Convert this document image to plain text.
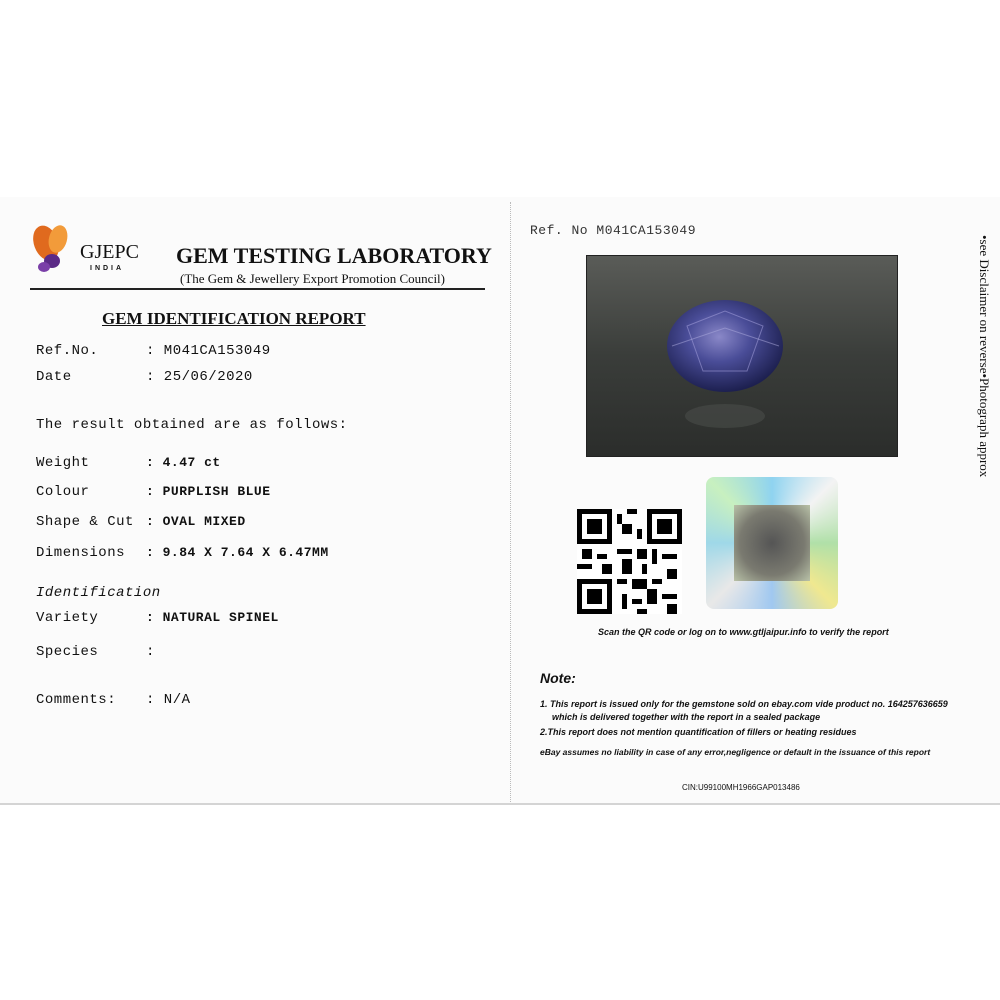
GJEPC
INDIA
GEM TESTING LABORATORY
(The Gem & Jewellery Export Promotion Council)
GEM IDENTIFICATION REPORT
Ref.No.	: M041CA153049
Date	: 25/06/2020
The result obtained are as follows:
Weight	: 4.47 ct
Colour	: PURPLISH BLUE
Shape & Cut : OVAL MIXED
Dimensions : 9.84 X 7.64 X 6.47MM
Identification
Variety	: NATURAL SPINEL
Species	:
Comments: : N/A
Ref. No M041CA153049
Scan the QR code or log on to www.gtljaipur.info to verify the report
Note:
1. This report is issued only for the gemstone sold on ebay.com vide product no. 164257636659
which is delivered together with the report in a sealed package
2.This report does not mention quantification of fillers or heating residues
eBay assumes no liability in case of any error,negligence or default in the issuance of this report
CIN:U99100MH1966GAP013486
•see Disclaimer on reverse•Photograph approx
